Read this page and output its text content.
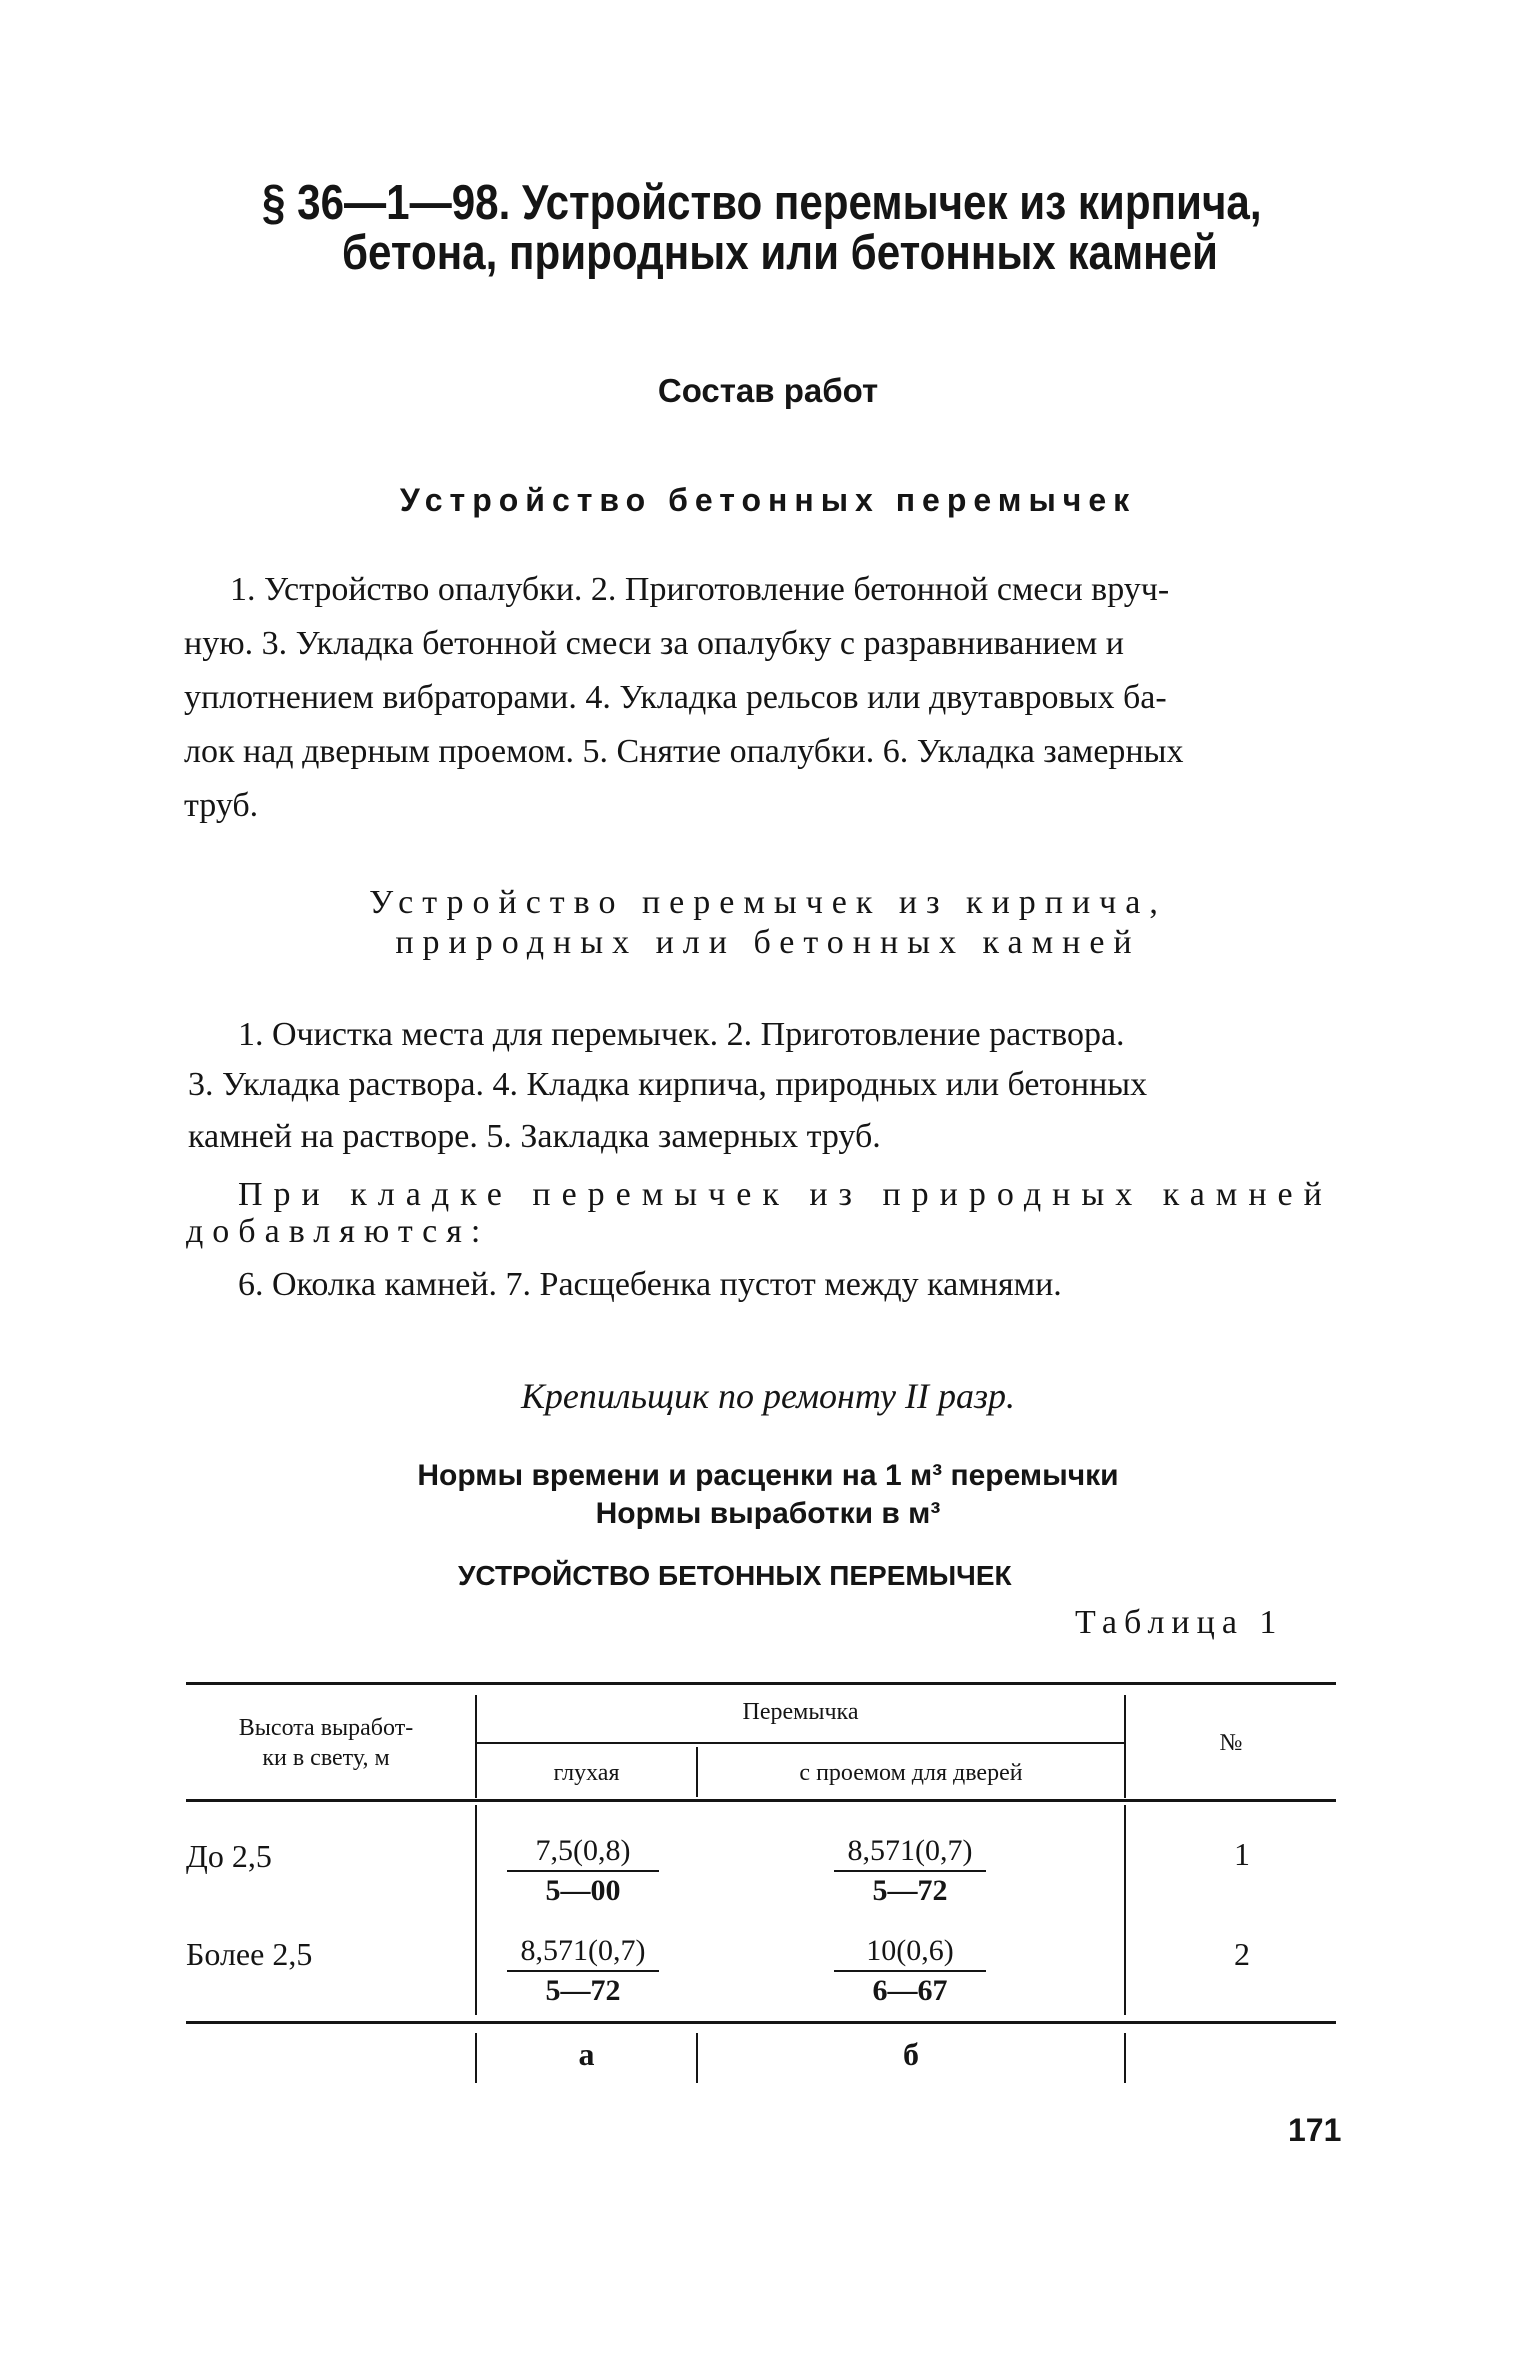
§ 36—1—98. Устройство перемычек из кирпича,
бетона, природных или бетонных камней
Состав работ
Устройство бетонных перемычек
1. Устройство опалубки. 2. Приготовление бетонной смеси вруч-
ную. 3. Укладка бетонной смеси за опалубку с разравниванием и
уплотнением вибраторами. 4. Укладка рельсов или двутавровых ба-
лок над дверным проемом. 5. Снятие опалубки. 6. Укладка замерных
труб.
Устройство перемычек из кирпича,
природных или бетонных камней
1. Очистка места для перемычек. 2. Приготовление раствора.
3. Укладка раствора. 4. Кладка кирпича, природных или бетонных
камней на растворе. 5. Закладка замерных труб.
При кладке перемычек из природных камней
добавляются:
6. Околка камней. 7. Расщебенка пустот между камнями.
Крепильщик по ремонту II разр.
Нормы времени и расценки на 1 м³ перемычки
Нормы выработки в м³
УСТРОЙСТВО БЕТОННЫХ ПЕРЕМЫЧЕК
Таблица 1
Высота выработ-
ки в свету, м
Перемычка
глухая	с проемом для дверей
№
До 2,5	$\frac{7,5(0,8)}{5—00}$	$\frac{8,571(0,7)}{5—72}$	1
Более 2,5	$\frac{8,571(0,7)}{5—72}$	$\frac{10(0,6)}{6—67}$	2
а	б
171
